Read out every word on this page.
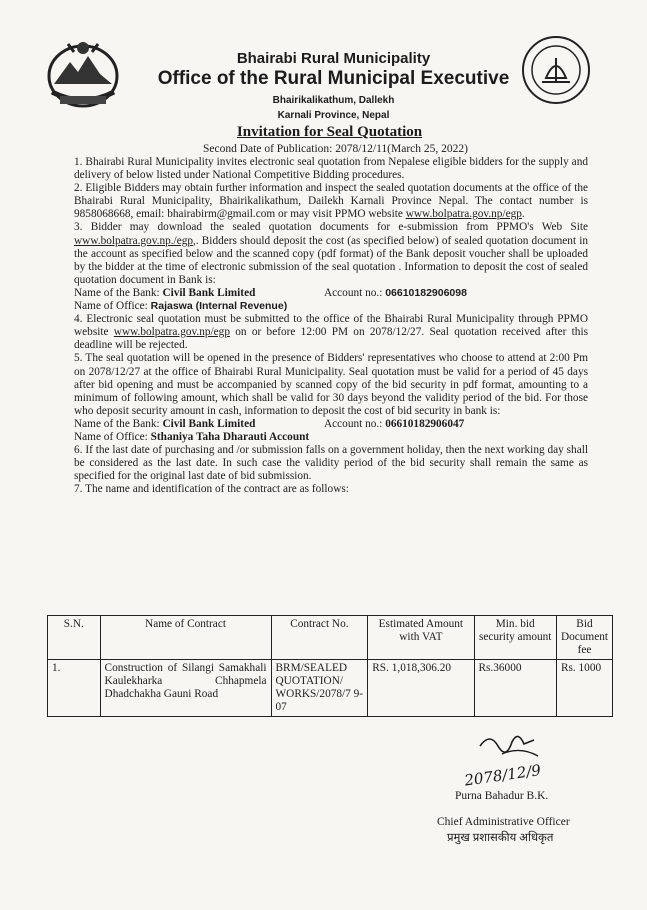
Bhairabi Rural Municipality
Office of the Rural Municipal Executive
Bhairikalikathum, Dallekh
Karnali Province, Nepal
Invitation for Seal Quotation
Second Date of Publication: 2078/12/11(March 25, 2022)

1. Bhairabi Rural Municipality invites electronic seal quotation from Nepalese eligible bidders for the supply and delivery of below listed under National Competitive Bidding procedures.

2. Eligible Bidders may obtain further information and inspect the sealed quotation documents at the office of the Bhairabi Rural Municipality, Bhairikalikathum, Dailekh Karnali Province Nepal. The contact number is 9858068668, email: bhairabirm@gmail.com or may visit PPMO website www.bolpatra.gov.np/egp.

3. Bidder may download the sealed quotation documents for e-submission from PPMO's Web Site www.bolpatra.gov.np./egp,. Bidders should deposit the cost (as specified below) of sealed quotation document in the account as specified below and the scanned copy (pdf format) of the Bank deposit voucher shall be uploaded by the bidder at the time of electronic submission of the seal quotation . Information to deposit the cost of sealed quotation document in Bank is:

Name of the Bank: Civil Bank Limited	Account no.: 06610182906098

Name of Office: Rajaswa (Internal Revenue)

4. Electronic seal quotation must be submitted to the office of the Bhairabi Rural Municipality through PPMO website www.bolpatra.gov.np/egp on or before 12:00 PM on 2078/12/27. Seal quotation received after this deadline will be rejected.

5. The seal quotation will be opened in the presence of Bidders' representatives who choose to attend at 2:00 Pm on 2078/12/27 at the office of Bhairabi Rural Municipality. Seal quotation must be valid for a period of 45 days after bid opening and must be accompanied by scanned copy of the bid security in pdf format, amounting to a minimum of following amount, which shall be valid for 30 days beyond the validity period of the bid. For those who deposit security amount in cash, information to deposit the cost of bid security in bank is:

Name of the Bank: Civil Bank Limited	Account no.: 06610182906047

Name of Office: Sthaniya Taha Dharauti Account

6. If the last date of purchasing and /or submission falls on a government holiday, then the next working day shall be considered as the last date. In such case the validity period of the bid security shall remain the same as specified for the original last date of bid submission.

7. The name and identification of the contract are as follows:

S.N.	Name of Contract	Contract No.	Estimated Amount with VAT	Min. bid security amount	Bid Document fee
1.	Construction of Silangi Samakhali Kaulekharka Chhapmela Dhadchakha Gauni Road	BRM/SEALED QUOTATION/ WORKS/2078/7 9- 07	RS. 1,018,306.20	Rs.36000	Rs. 1000
2078/12/9
Purna Bahadur B.K.
Chief Administrative Officer
प्रमुख प्रशासकीय अधिकृत
